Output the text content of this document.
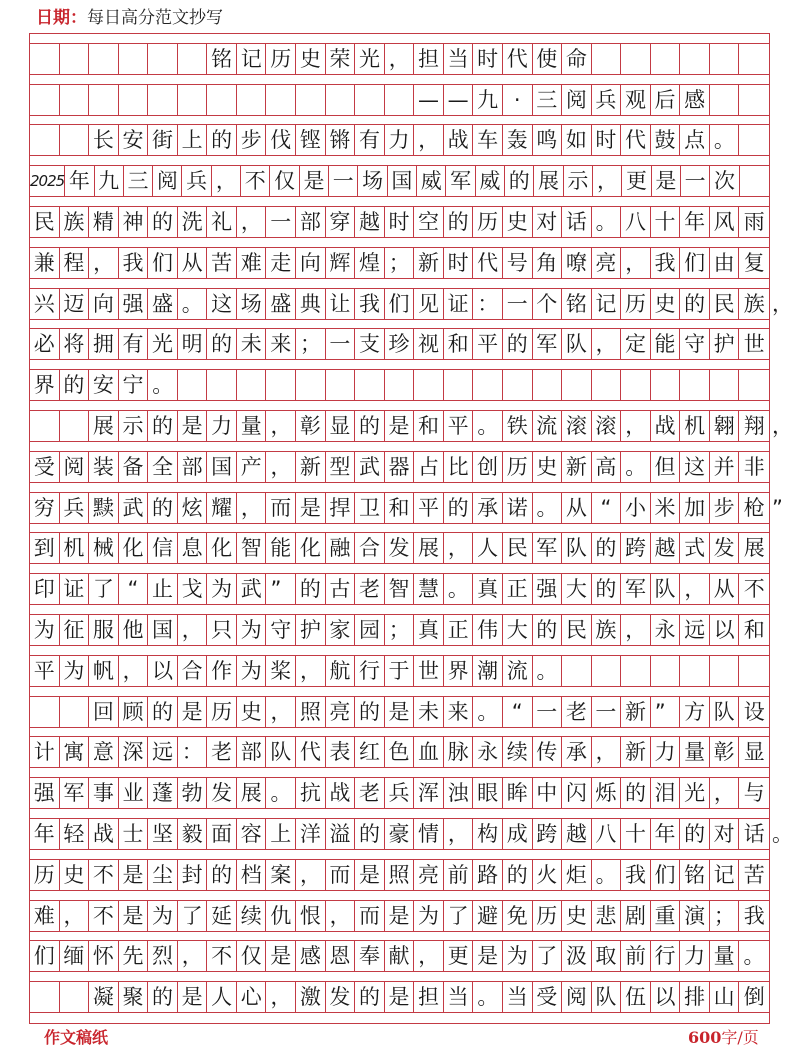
日期：每日高分范文抄写
铭 记 历 史 荣 光 ， 担 当 时 代 使 命
— — 九 · 三 阅 兵 观 后 感
长 安 街 上 的 步 伐 铿 锵 有 力 ， 战 车 轰 鸣 如 时 代 鼓 点 。
2025 年 九 三 阅 兵 ， 不 仅 是 一 场 国 威 军 威 的 展 示 ， 更 是 一 次
民 族 精 神 的 洗 礼 ， 一 部 穿 越 时 空 的 历 史 对 话 。 八 十 年 风 雨
兼 程 ， 我 们 从 苦 难 走 向 辉 煌 ； 新 时 代 号 角 嘹 亮 ， 我 们 由 复
兴 迈 向 强 盛 。 这 场 盛 典 让 我 们 见 证 ： 一 个 铭 记 历 史 的 民 族 ，
必 将 拥 有 光 明 的 未 来 ； 一 支 珍 视 和 平 的 军 队 ， 定 能 守 护 世
界 的 安 宁 。
展 示 的 是 力 量 ， 彰 显 的 是 和 平 。 铁 流 滚 滚 ， 战 机 翱 翔 ，
受 阅 装 备 全 部 国 产 ， 新 型 武 器 占 比 创 历 史 新 高 。 但 这 并 非
穷 兵 黩 武 的 炫 耀 ， 而 是 捍 卫 和 平 的 承 诺 。 从 “ 小 米 加 步 枪 ”
到 机 械 化 信 息 化 智 能 化 融 合 发 展 ， 人 民 军 队 的 跨 越 式 发 展
印 证 了 “ 止 戈 为 武 ” 的 古 老 智 慧 。 真 正 强 大 的 军 队 ， 从 不
为 征 服 他 国 ， 只 为 守 护 家 园 ； 真 正 伟 大 的 民 族 ， 永 远 以 和
平 为 帆 ， 以 合 作 为 桨 ， 航 行 于 世 界 潮 流 。
回 顾 的 是 历 史 ， 照 亮 的 是 未 来 。 “ 一 老 一 新 ” 方 队 设
计 寓 意 深 远 ： 老 部 队 代 表 红 色 血 脉 永 续 传 承 ， 新 力 量 彰 显
强 军 事 业 蓬 勃 发 展 。 抗 战 老 兵 浑 浊 眼 眸 中 闪 烁 的 泪 光 ， 与
年 轻 战 士 坚 毅 面 容 上 洋 溢 的 豪 情 ， 构 成 跨 越 八 十 年 的 对 话 。
历 史 不 是 尘 封 的 档 案 ， 而 是 照 亮 前 路 的 火 炬 。 我 们 铭 记 苦
难 ， 不 是 为 了 延 续 仇 恨 ， 而 是 为 了 避 免 历 史 悲 剧 重 演 ； 我
们 缅 怀 先 烈 ， 不 仅 是 感 恩 奉 献 ， 更 是 为 了 汲 取 前 行 力 量 。
凝 聚 的 是 人 心 ， 激 发 的 是 担 当 。 当 受 阅 队 伍 以 排 山 倒
作文稿纸	600字/页
